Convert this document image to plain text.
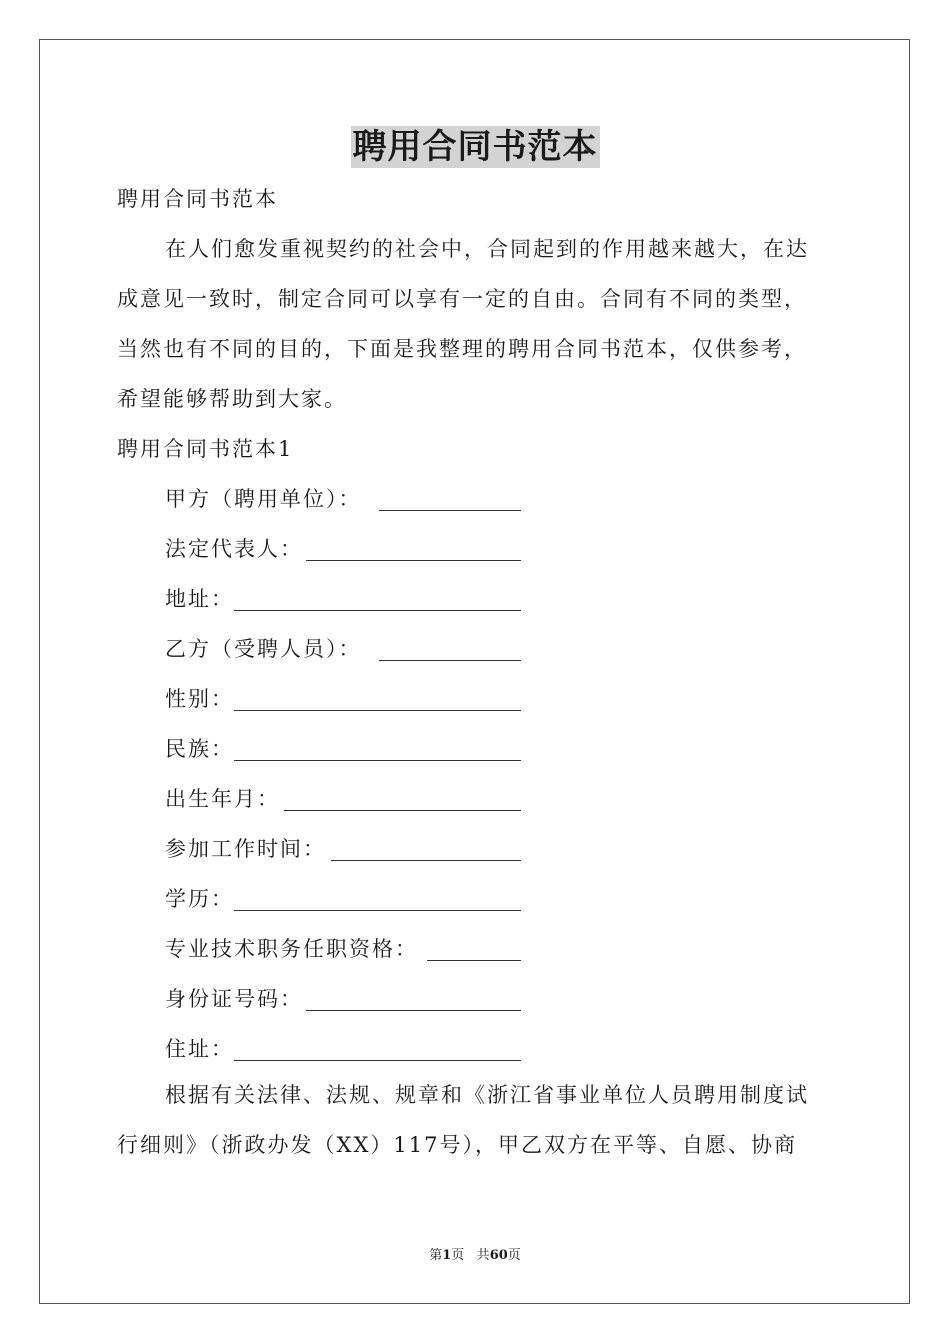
聘用合同书范本
聘用合同书范本
在人们愈发重视契约的社会中，合同起到的作用越来越大，在达
成意见一致时，制定合同可以享有一定的自由。合同有不同的类型，
当然也有不同的目的，下面是我整理的聘用合同书范本，仅供参考，
希望能够帮助到大家。
聘用合同书范本1
甲方（聘用单位）：
法定代表人：
地址：
乙方（受聘人员）：
性别：
民族：
出生年月：
参加工作时间：
学历：
专业技术职务任职资格：
身份证号码：
住址：
根据有关法律、法规、规章和《浙江省事业单位人员聘用制度试
行细则》（浙政办发（XX）117号），甲乙双方在平等、自愿、协商
第1页 共60页
